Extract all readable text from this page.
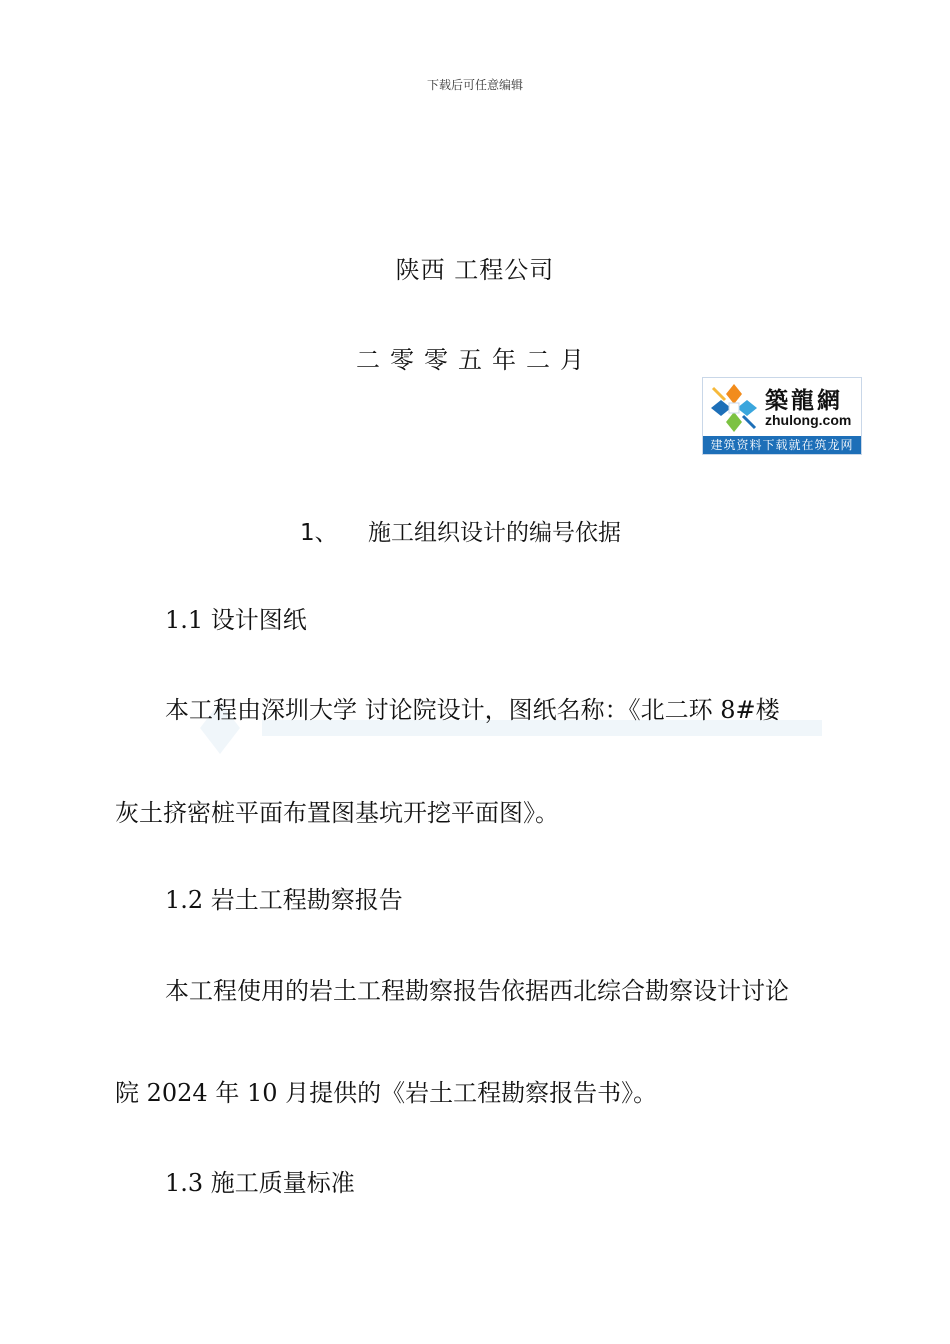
下载后可任意编辑
陕西 工程公司
二零零五年二月
築龍網
zhulong.com
建筑资料下载就在筑龙网
1、 施工组织设计的编号依据
1.1 设计图纸
本工程由深圳大学 讨论院设计，图纸名称：《北二环 8#楼
灰土挤密桩平面布置图基坑开挖平面图》。
1.2 岩土工程勘察报告
本工程使用的岩土工程勘察报告依据西北综合勘察设计讨论
院 2024 年 10 月提供的《岩土工程勘察报告书》。
1.3 施工质量标准
